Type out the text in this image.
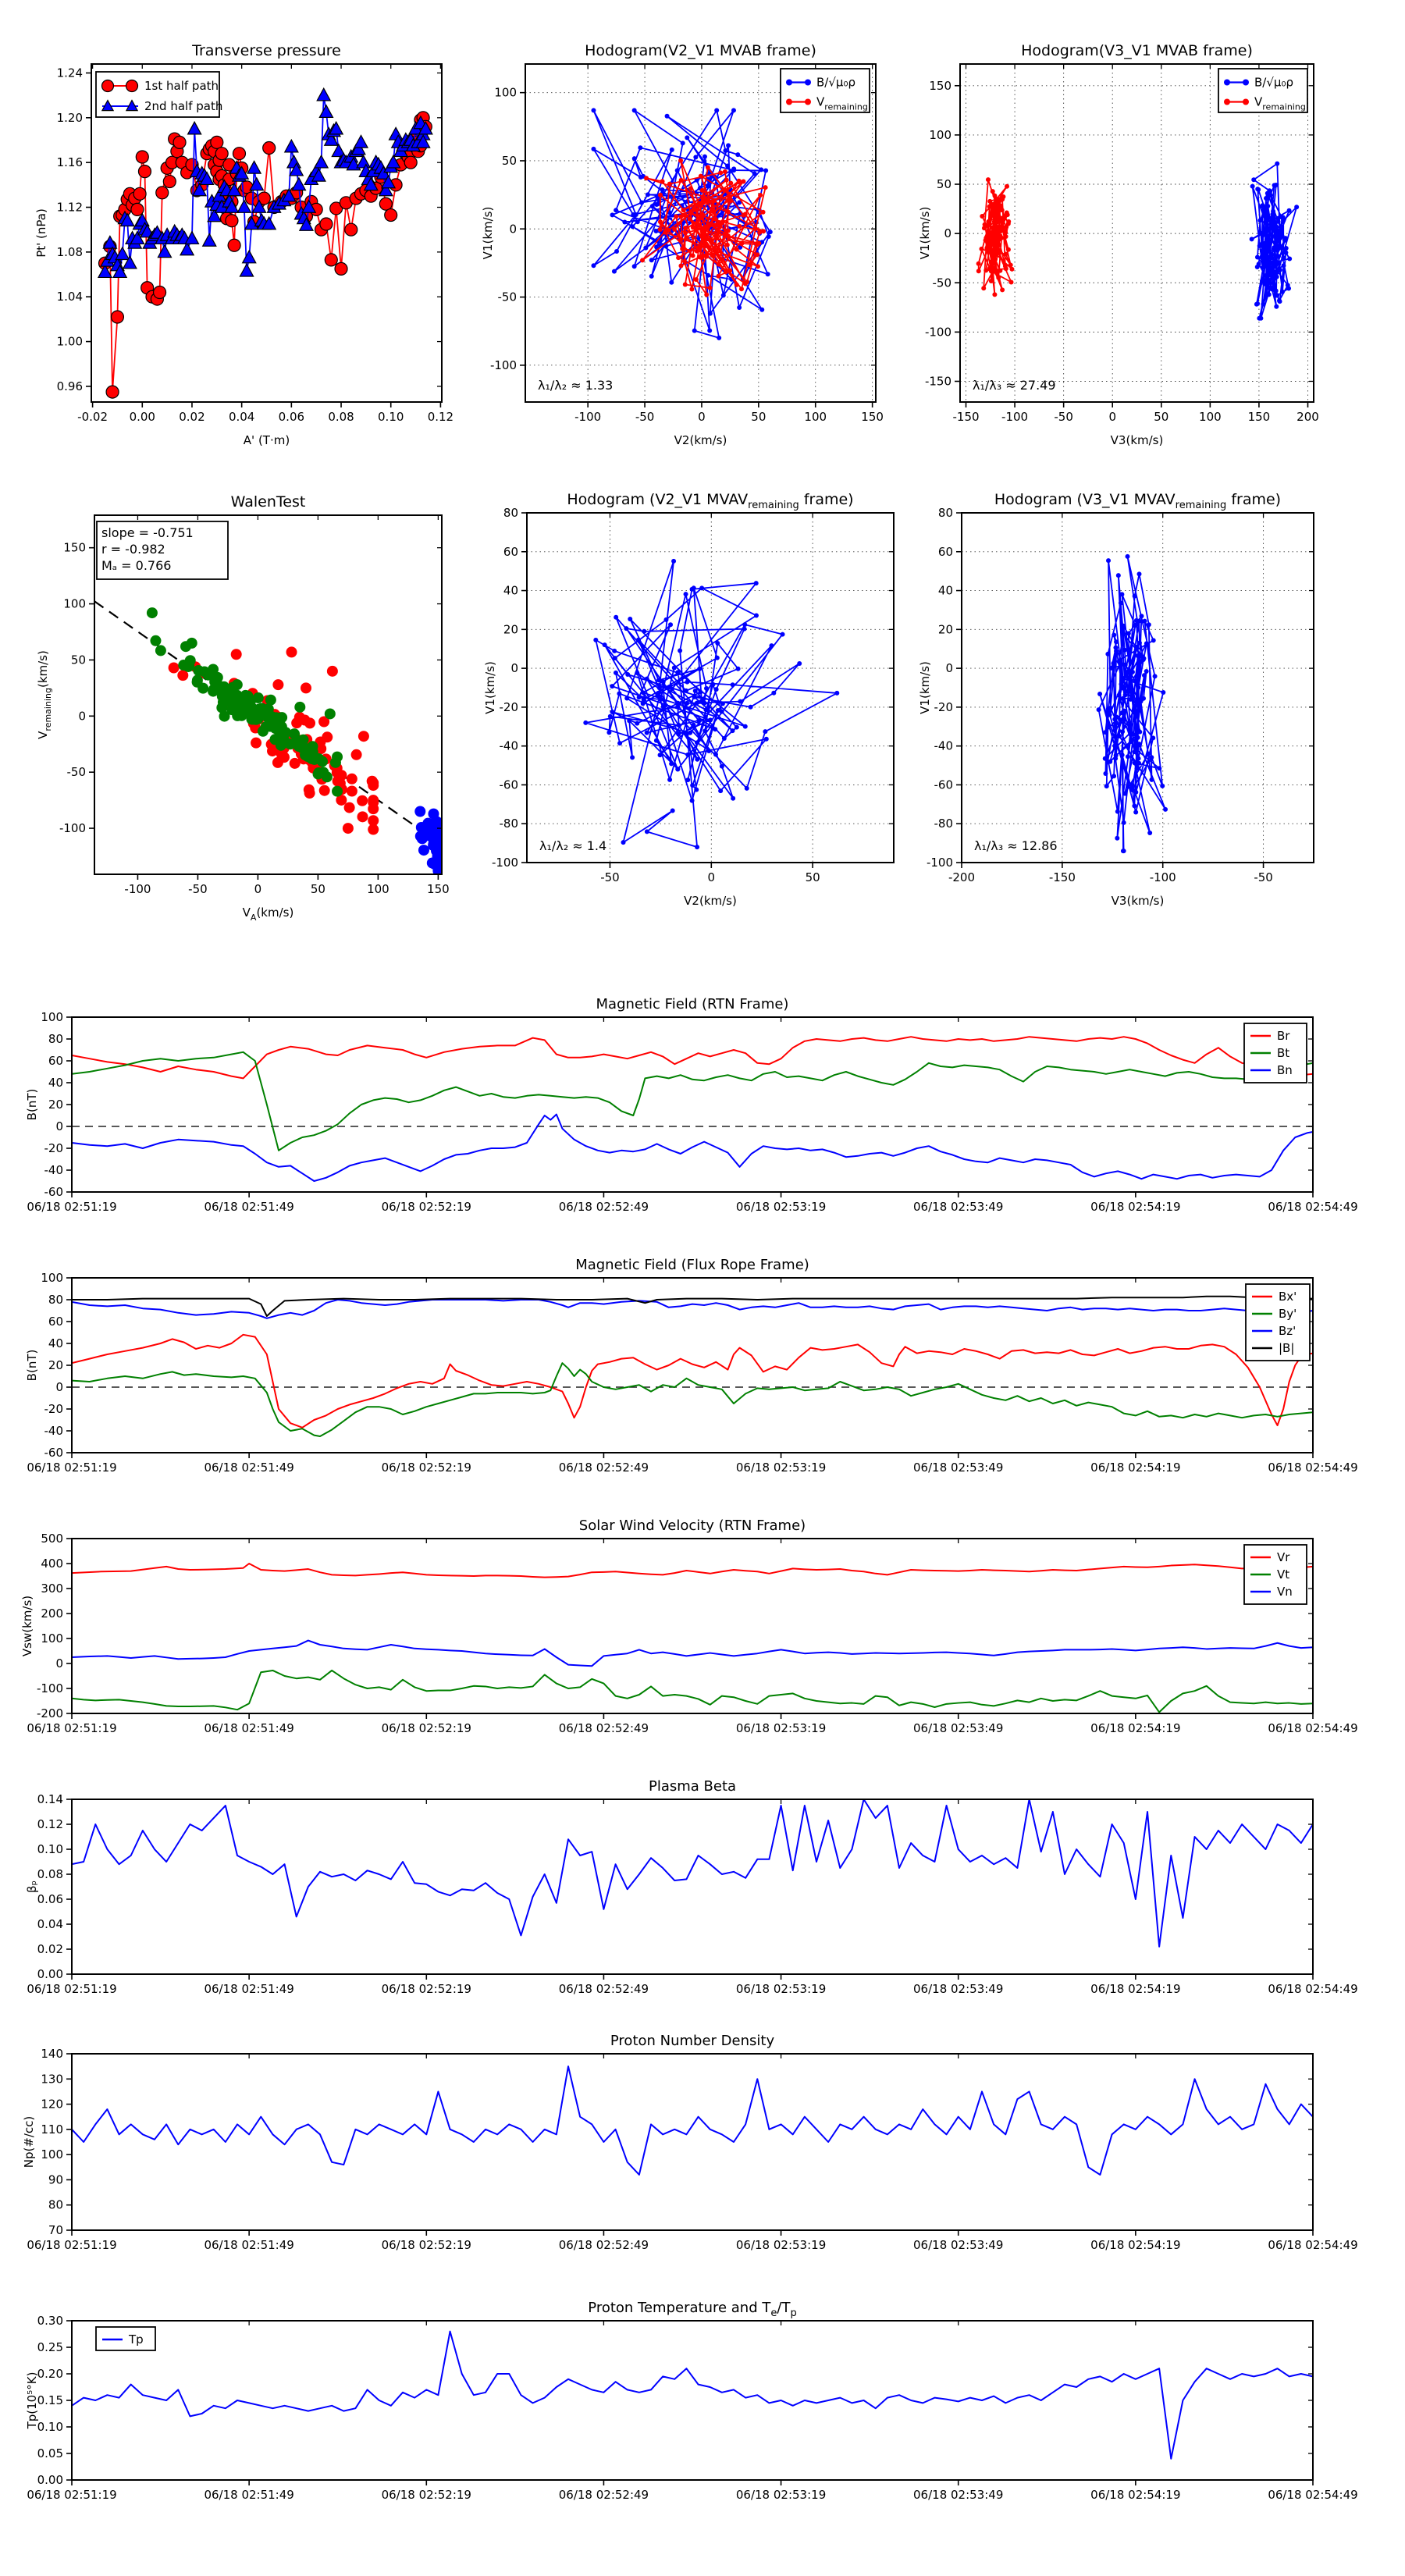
-0.02 0.00 0.02 0.04 0.06 0.08 0.10 0.12
0.96
1.00
1.04
1.08
1.12
1.16
1.20
1.24
Transverse pressure
A' (T·m)
Pt' (nPa)
1st half path
2nd half path
-100	-50	0	50	100	150
-100
-50
0
50
100
Hodogram(V2_V1 MVAB frame)
V2(km/s)
V1(km/s)
B/√μ₀ρ
$V_{remaining}$
λ₁/λ₂ ≈ 1.33
-150 -100 -50	0	50	100 150 200
-150
-100
-50
0
50
100
150
Hodogram(V3_V1 MVAB frame)
V3(km/s)
V1(km/s)
B/√μ₀ρ
$V_{remaining}$
λ₁/λ₃ ≈ 27.49
-100	-50	0	50	100	150
-100
-50
0
50
100
150
WalenTest
$V_A(km/s)$
$V_{remaining}(km/s)$
slope = -0.751
r = -0.982
Mₐ = 0.766
-50	0	50
-100
-80
-60
-40
-20
0
20
40
60
80
Hodogram (V2_V1 $MVAV_{remaining}$ frame)
V2(km/s)
V1(km/s)
λ₁/λ₂ ≈ 1.4
-200	-150	-100	-50
-100
-80
-60
-40
-20
0
20
40
60
80
Hodogram (V3_V1 $MVAV_{remaining}$ frame)
V3(km/s)
V1(km/s)
λ₁/λ₃ ≈ 12.86
06/18 02:51:19	06/18 02:51:49	06/18 02:52:19	06/18 02:52:49	06/18 02:53:19	06/18 02:53:49	06/18 02:54:19	06/18 02:54:49
-60
-40
-20
0
20
40
60
80
100
Magnetic Field (RTN Frame)
B(nT)
Br
Bt
Bn
06/18 02:51:19	06/18 02:51:49	06/18 02:52:19	06/18 02:52:49	06/18 02:53:19	06/18 02:53:49	06/18 02:54:19	06/18 02:54:49
-60
-40
-20
0
20
40
60
80
100
Magnetic Field (Flux Rope Frame)
B(nT)
Bx'
By'
Bz'
|B|
06/18 02:51:19	06/18 02:51:49	06/18 02:52:19	06/18 02:52:49	06/18 02:53:19	06/18 02:53:49	06/18 02:54:19	06/18 02:54:49
-200
-100
0
100
200
300
400
500
Solar Wind Velocity (RTN Frame)
Vsw(km/s)
Vr
Vt
Vn
06/18 02:51:19	06/18 02:51:49	06/18 02:52:19	06/18 02:52:49	06/18 02:53:19	06/18 02:53:49	06/18 02:54:19	06/18 02:54:49
0.00
0.02
0.04
0.06
0.08
0.10
0.12
0.14
Plasma Beta
βₚ
06/18 02:51:19	06/18 02:51:49	06/18 02:52:19	06/18 02:52:49	06/18 02:53:19	06/18 02:53:49	06/18 02:54:19	06/18 02:54:49
70
80
90
100
110
120
130
140
Proton Number Density
Np(#/cc)
06/18 02:51:19	06/18 02:51:49	06/18 02:52:19	06/18 02:52:49	06/18 02:53:19	06/18 02:53:49	06/18 02:54:19	06/18 02:54:49
0.00
0.05
0.10
0.15
0.20
0.25
0.30
Proton Temperature and $T_e/T_p$
Tp(10⁵°K)
Tp
